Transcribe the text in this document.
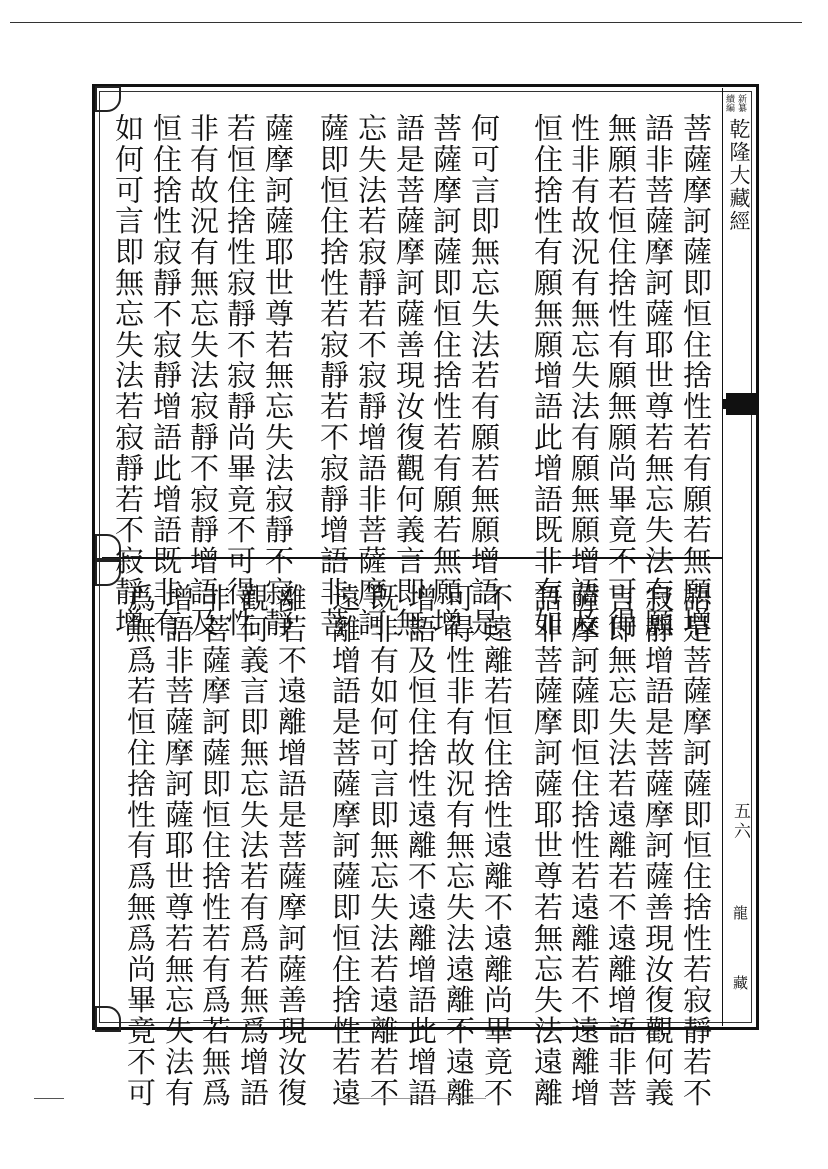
新纂
續編
乾隆大藏經
五六
龍
藏
菩薩摩訶薩即恒住捨性若有願若無願增
語非菩薩摩訶薩耶世尊若無忘失法有願
無願若恒住捨性有願無願尚畢竟不可得
性非有故況有無忘失法有願無願增語及
恒住捨性有願無願增語此增語既非有如
何可言即無忘失法若有願若無願增語是
菩薩摩訶薩即恒住捨性若有願若無願增
語是菩薩摩訶薩善現汝復觀何義言即無
忘失法若寂靜若不寂靜增語非菩薩摩訶
薩即恒住捨性若寂靜若不寂靜增語非菩
薩摩訶薩耶世尊若無忘失法寂靜不寂靜
若恒住捨性寂靜不寂靜尚畢竟不可得性
非有故況有無忘失法寂靜不寂靜增語及
恒住捨性寂靜不寂靜增語此增語既非有
如何可言即無忘失法若寂靜若不寂靜增
語是菩薩摩訶薩即恒住捨性若寂靜若不
寂靜增語是菩薩摩訶薩善現汝復觀何義
言即無忘失法若遠離若不遠離增語非菩
薩摩訶薩即恒住捨性若遠離若不遠離增
語非菩薩摩訶薩耶世尊若無忘失法遠離
不遠離若恒住捨性遠離不遠離尚畢竟不
可得性非有故況有無忘失法遠離不遠離
增語及恒住捨性遠離不遠離增語此增語
既非有如何可言即無忘失法若遠離若不
遠離增語是菩薩摩訶薩即恒住捨性若遠
離若不遠離增語是菩薩摩訶薩善現汝復
觀何義言即無忘失法若有爲若無爲增語
非菩薩摩訶薩即恒住捨性若有爲若無爲
增語非菩薩摩訶薩耶世尊若無忘失法有
爲無爲若恒住捨性有爲無爲尚畢竟不可
